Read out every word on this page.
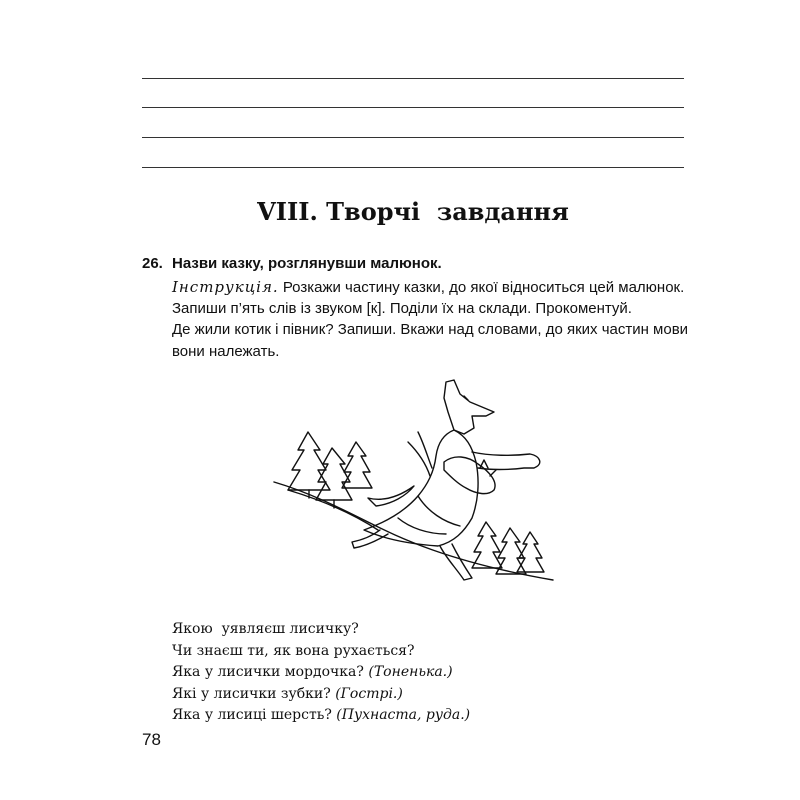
VIII. Творчі  завдання
26. Назви казку, розглянувши малюнок.

Інструкція. Розкажи частину казки, до якої відноситься цей малюнок.

Запиши п’ять слів із звуком [к]. Поділи їх на склади. Прокоментуй.

Де жили котик і півник? Запиши. Вкажи над словами, до яких частин мови вони належать.

Якою  уявляєш лисичку?
Чи знаєш ти, як вона рухається?
Яка у лисички мордочка? (Тоненька.)
Які у лисички зубки? (Гострі.)
Яка у лисиці шерсть? (Пухнаста, руда.)
78
